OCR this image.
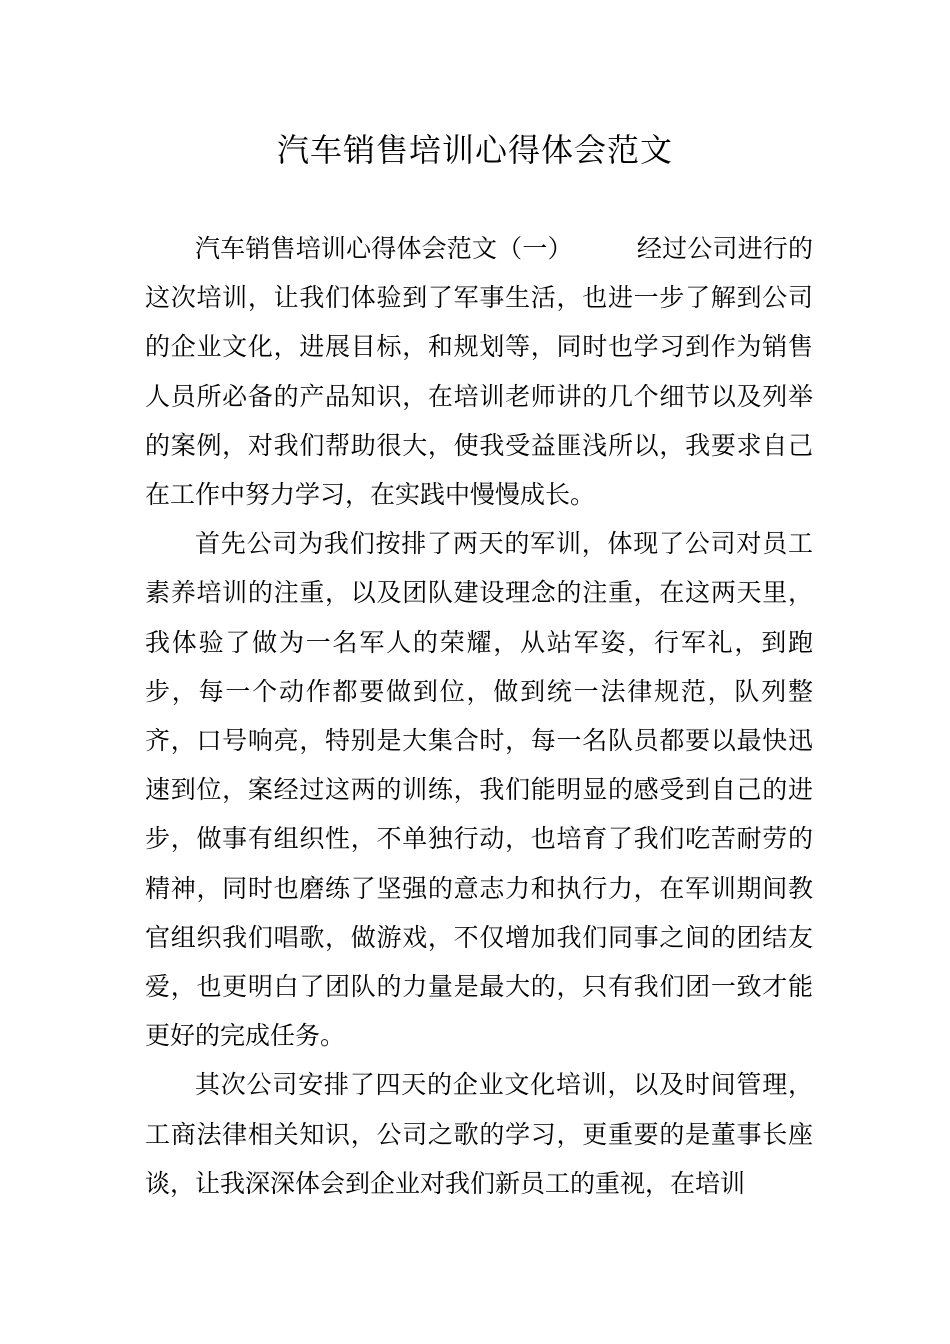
汽车销售培训心得体会范文

汽车销售培训心得体会范文（一）	经过公司进行的这次培训，让我们体验到了军事生活，也进一步了解到公司的企业文化，进展目标，和规划等，同时也学习到作为销售人员所必备的产品知识，在培训老师讲的几个细节以及列举的案例，对我们帮助很大，使我受益匪浅所以，我要求自己在工作中努力学习，在实践中慢慢成长。

首先公司为我们按排了两天的军训，体现了公司对员工素养培训的注重，以及团队建设理念的注重，在这两天里，我体验了做为一名军人的荣耀，从站军姿，行军礼，到跑步，每一个动作都要做到位，做到统一法律规范，队列整齐，口号响亮，特别是大集合时，每一名队员都要以最快迅速到位，案经过这两的训练，我们能明显的感受到自己的进步，做事有组织性，不单独行动，也培育了我们吃苦耐劳的精神，同时也磨练了坚强的意志力和执行力，在军训期间教官组织我们唱歌，做游戏，不仅增加我们同事之间的团结友爱，也更明白了团队的力量是最大的，只有我们团一致才能更好的完成任务。

其次公司安排了四天的企业文化培训，以及时间管理，工商法律相关知识，公司之歌的学习，更重要的是董事长座谈，让我深深体会到企业对我们新员工的重视，在培训
